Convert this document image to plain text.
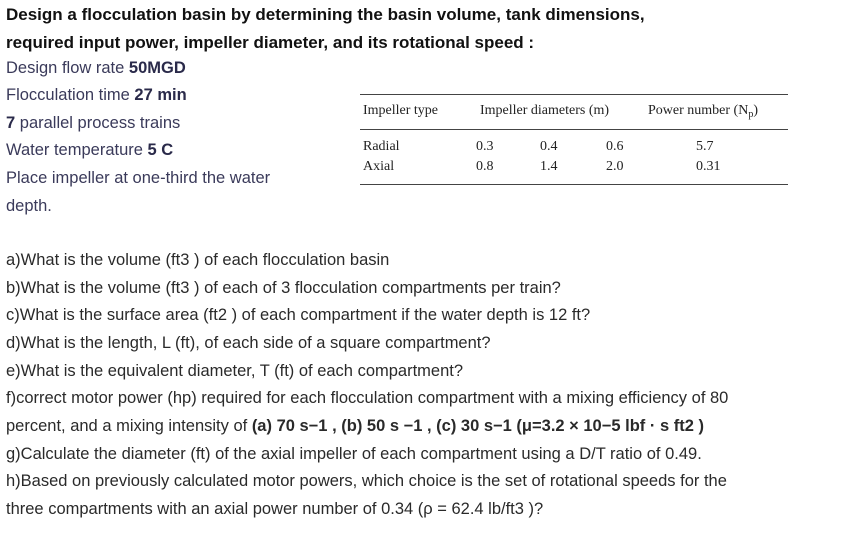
Design a flocculation basin by determining the basin volume, tank dimensions,
required input power, impeller diameter, and its rotational speed :
Design flow rate 50MGD
Flocculation time 27 min
7 parallel process trains
Water temperature 5 C
Place impeller at one-third the water
depth.
Impeller type	Impeller diameters (m)	Power number $(N_p)$
Radial	0.3	0.4	0.6	5.7
Axial	0.8	1.4	2.0	0.31
a)What is the volume (ft3 ) of each flocculation basin
b)What is the volume (ft3 ) of each of 3 flocculation compartments per train?
c)What is the surface area (ft2 ) of each compartment if the water depth is 12 ft?
d)What is the length, L (ft), of each side of a square compartment?
e)What is the equivalent diameter, T (ft) of each compartment?
f)correct motor power (hp) required for each flocculation compartment with a mixing efficiency of 80
percent, and a mixing intensity of (a) 70 s−1 , (b) 50 s −1 , (c) 30 s−1 (μ=3.2 × 10−5 lbf · s ft2 )
g)Calculate the diameter (ft) of the axial impeller of each compartment using a D/T ratio of 0.49.
h)Based on previously calculated motor powers, which choice is the set of rotational speeds for the
three compartments with an axial power number of 0.34 (ρ = 62.4 lb/ft3 )?
